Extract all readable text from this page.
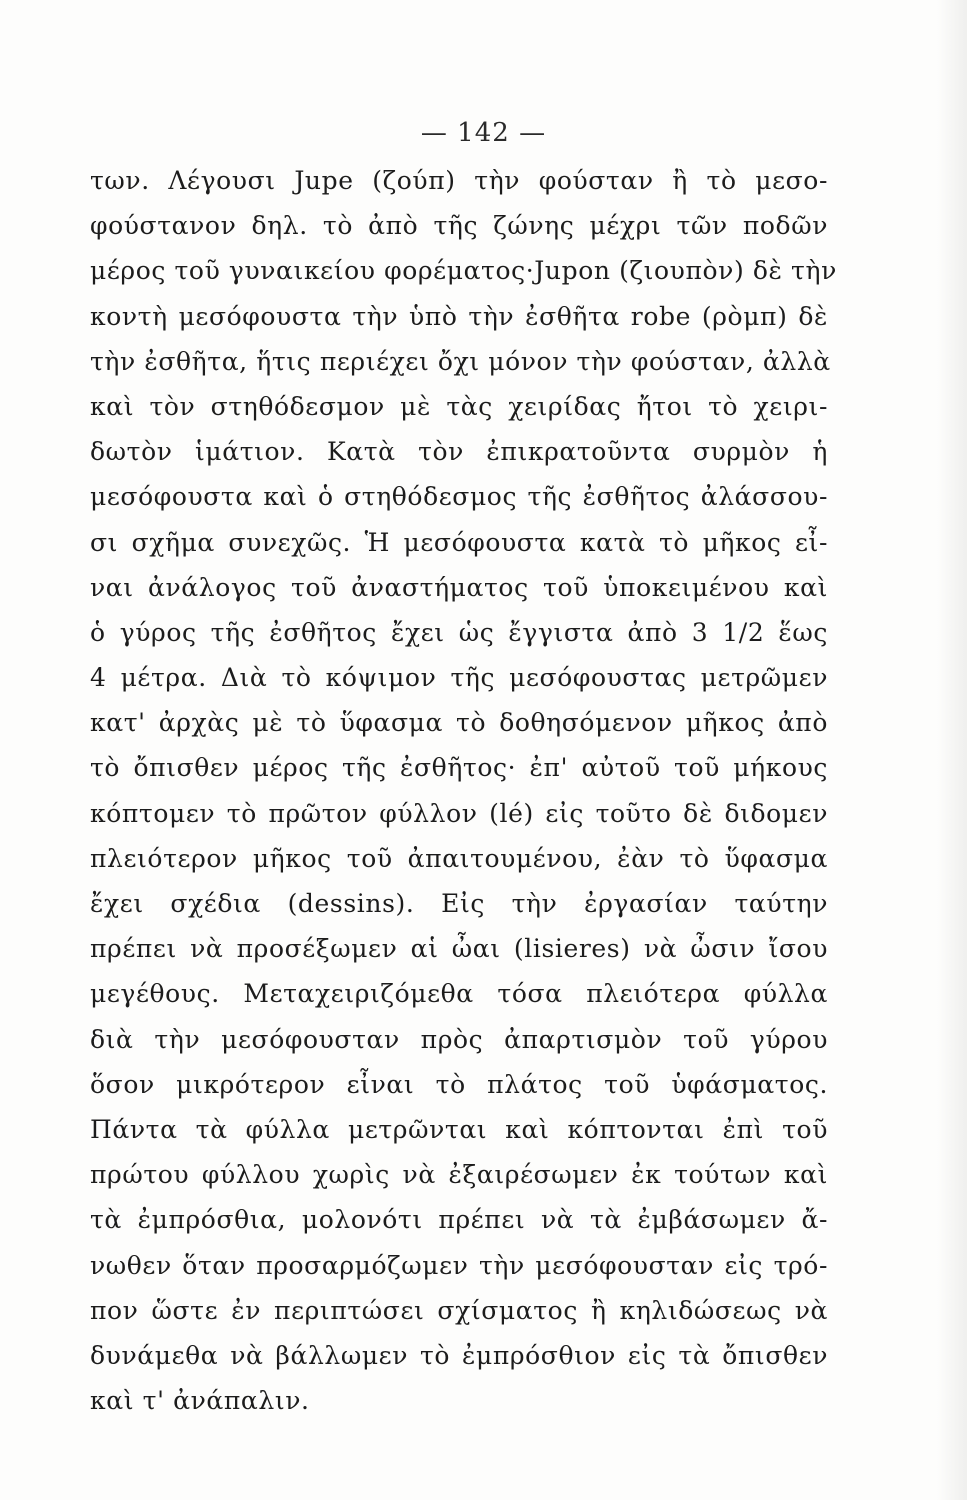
— 142 —
των. Λέγουσι Jupe (ζούπ) τὴν φούσταν ἢ τὸ μεσο-
φούστανον δηλ. τὸ ἀπὸ τῆς ζώνης μέχρι τῶν ποδῶν
μέρος τοῦ γυναικείου φορέματος·Jupon (ζιουπὸν) δὲ τὴν
κοντὴ μεσόφουστα τὴν ὑπὸ τὴν ἐσθῆτα robe (ρὸμπ) δὲ
τὴν ἐσθῆτα, ἥτις περιέχει ὄχι μόνον τὴν φούσταν, ἀλλὰ
καὶ τὸν στηθόδεσμον μὲ τὰς χειρίδας ἤτοι τὸ χειρι-
δωτὸν ἱμάτιον. Κατὰ τὸν ἐπικρατοῦντα συρμὸν ἡ
μεσόφουστα καὶ ὁ στηθόδεσμος τῆς ἐσθῆτος ἀλάσσου-
σι σχῆμα συνεχῶς. Ἡ μεσόφουστα κατὰ τὸ μῆκος εἶ-
ναι ἀνάλογος τοῦ ἀναστήματος τοῦ ὑποκειμένου καὶ
ὁ γύρος τῆς ἐσθῆτος ἔχει ὡς ἔγγιστα ἀπὸ 3 1/2 ἕως
4 μέτρα. Διὰ τὸ κόψιμον τῆς μεσόφουστας μετρῶμεν
κατ' ἀρχὰς μὲ τὸ ὕφασμα τὸ δοθησόμενον μῆκος ἀπὸ
τὸ ὄπισθεν μέρος τῆς ἐσθῆτος· ἐπ' αὐτοῦ τοῦ μήκους
κόπτομεν τὸ πρῶτον φύλλον (lé) εἰς τοῦτο δὲ διδομεν
πλειότερον μῆκος τοῦ ἀπαιτουμένου, ἐὰν τὸ ὕφασμα
ἔχει σχέδια (dessins). Εἰς τὴν ἐργασίαν ταύτην
πρέπει νὰ προσέξωμεν αἱ ὦαι (lisieres) νὰ ὦσιν ἴσου
μεγέθους. Μεταχειριζόμεθα τόσα πλειότερα φύλλα
διὰ τὴν μεσόφουσταν πρὸς ἀπαρτισμὸν τοῦ γύρου
ὅσον μικρότερον εἶναι τὸ πλάτος τοῦ ὑφάσματος.
Πάντα τὰ φύλλα μετρῶνται καὶ κόπτονται ἐπὶ τοῦ
πρώτου φύλλου χωρὶς νὰ ἐξαιρέσωμεν ἐκ τούτων καὶ
τὰ ἐμπρόσθια, μολονότι πρέπει νὰ τὰ ἐμβάσωμεν ἄ-
νωθεν ὅταν προσαρμόζωμεν τὴν μεσόφουσταν εἰς τρό-
πον ὥστε ἐν περιπτώσει σχίσματος ἢ κηλιδώσεως νὰ
δυνάμεθα νὰ βάλλωμεν τὸ ἐμπρόσθιον εἰς τὰ ὄπισθεν
καὶ τ' ἀνάπαλιν.
